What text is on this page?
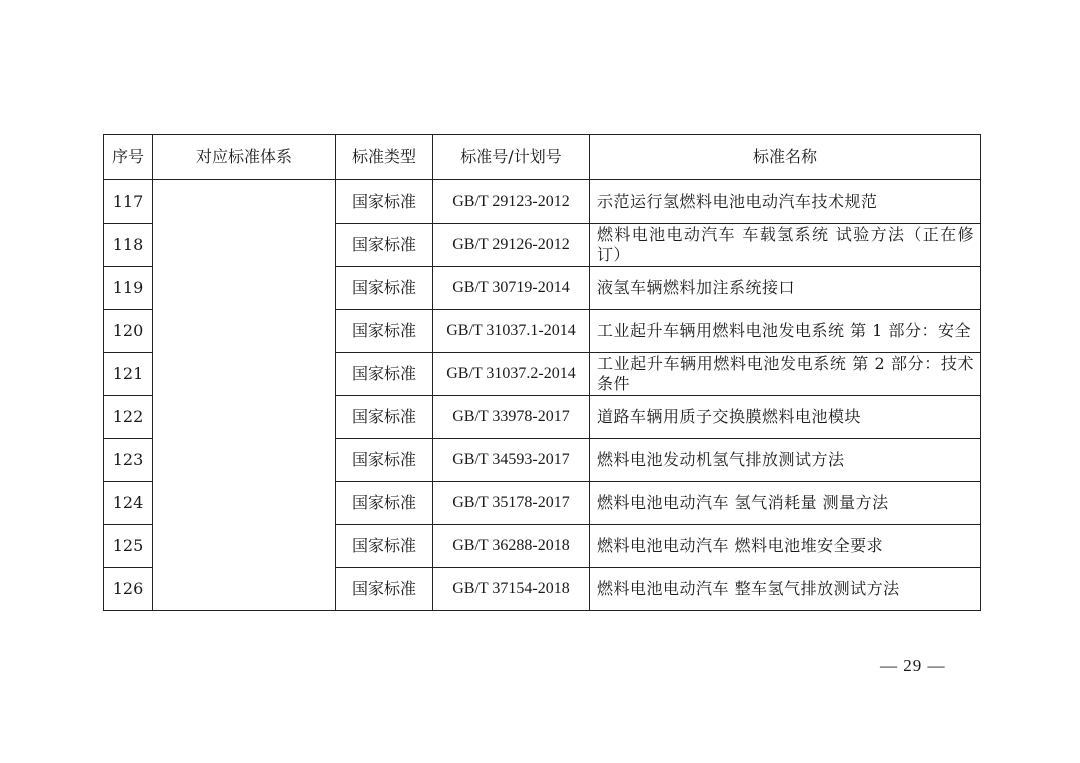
序号	对应标准体系	标准类型	标准号/计划号	标准名称
117		国家标准	GB/T 29123-2012	示范运行氢燃料电池电动汽车技术规范
118		国家标准	GB/T 29126-2012	燃料电池电动汽车 车载氢系统 试验方法（正在修订）
119		国家标准	GB/T 30719-2014	液氢车辆燃料加注系统接口
120		国家标准	GB/T 31037.1-2014	工业起升车辆用燃料电池发电系统 第 1 部分：安全
121		国家标准	GB/T 31037.2-2014	工业起升车辆用燃料电池发电系统 第 2 部分：技术条件
122		国家标准	GB/T 33978-2017	道路车辆用质子交换膜燃料电池模块
123		国家标准	GB/T 34593-2017	燃料电池发动机氢气排放测试方法
124		国家标准	GB/T 35178-2017	燃料电池电动汽车 氢气消耗量 测量方法
125		国家标准	GB/T 36288-2018	燃料电池电动汽车 燃料电池堆安全要求
126		国家标准	GB/T 37154-2018	燃料电池电动汽车 整车氢气排放测试方法
— 29 —
